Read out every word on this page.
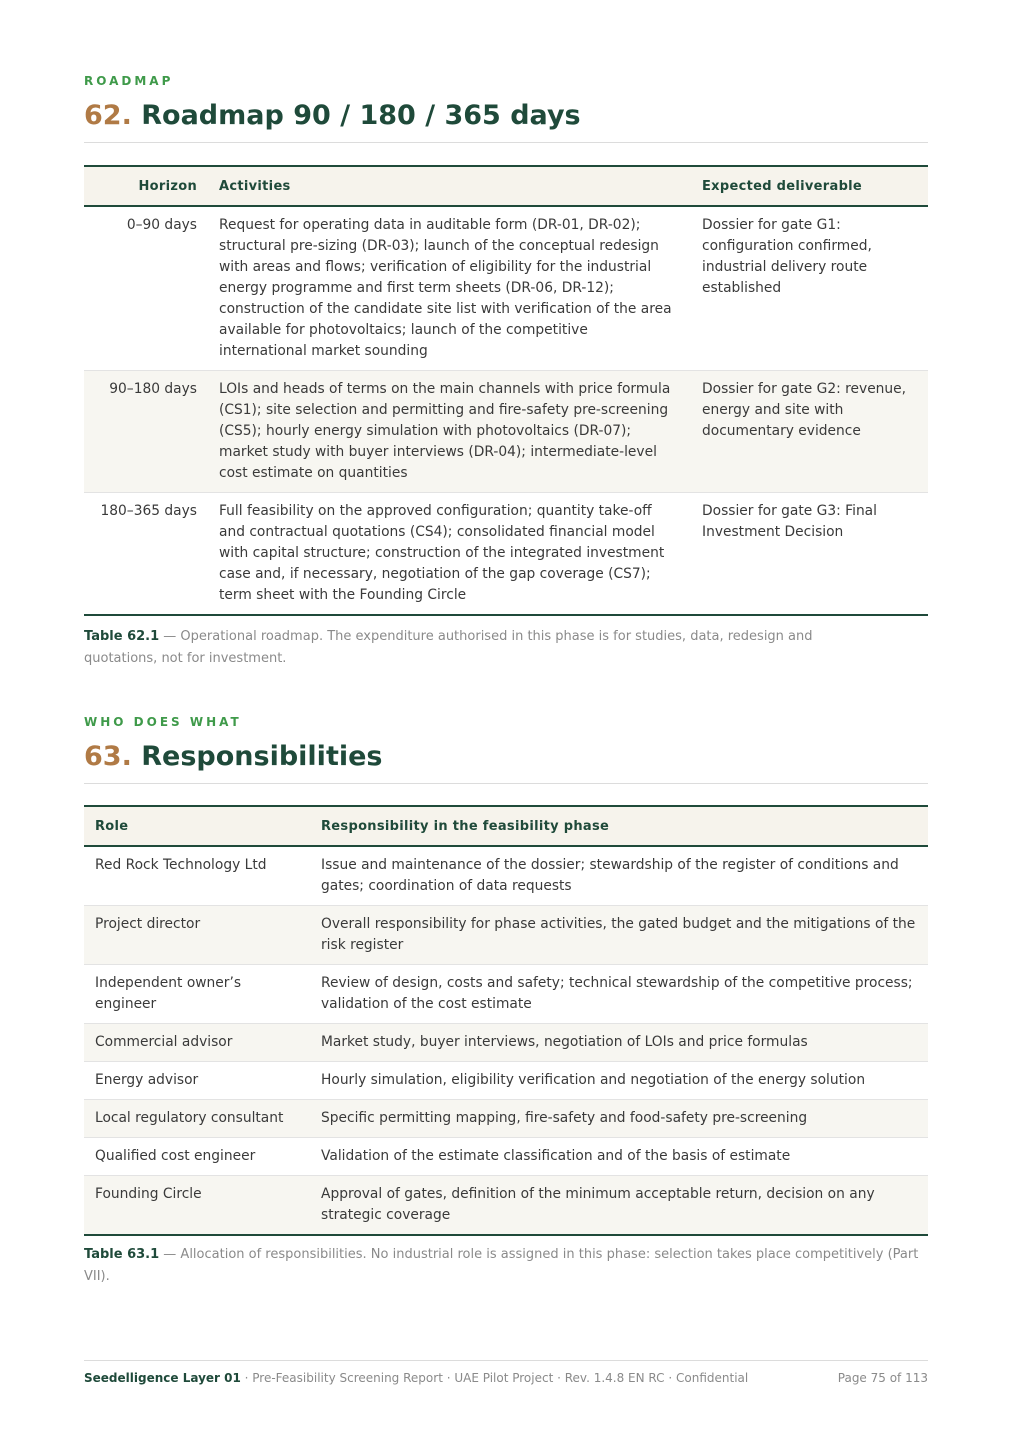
ROADMAP
62. Roadmap 90 / 180 / 365 days
Horizon	Activities	Expected deliverable
0–90 days	Request for operating data in auditable form (DR-01, DR-02); structural pre-sizing (DR-03); launch of the conceptual redesign with areas and flows; verification of eligibility for the industrial energy programme and first term sheets (DR-06, DR-12); construction of the candidate site list with verification of the area available for photovoltaics; launch of the competitive international market sounding	Dossier for gate G1: configuration confirmed, industrial delivery route established
90–180 days	LOIs and heads of terms on the main channels with price formula (CS1); site selection and permitting and fire-safety pre-screening (CS5); hourly energy simulation with photovoltaics (DR-07); market study with buyer interviews (DR-04); intermediate-level cost estimate on quantities	Dossier for gate G2: revenue, energy and site with documentary evidence
180–365 days	Full feasibility on the approved configuration; quantity take-off and contractual quotations (CS4); consolidated financial model with capital structure; construction of the integrated investment case and, if necessary, negotiation of the gap coverage (CS7); term sheet with the Founding Circle	Dossier for gate G3: Final Investment Decision
Table 62.1 — Operational roadmap. The expenditure authorised in this phase is for studies, data, redesign and quotations, not for investment.
WHO DOES WHAT
63. Responsibilities
Role	Responsibility in the feasibility phase
Red Rock Technology Ltd	Issue and maintenance of the dossier; stewardship of the register of conditions and gates; coordination of data requests
Project director	Overall responsibility for phase activities, the gated budget and the mitigations of the risk register
Independent owner’s engineer	Review of design, costs and safety; technical stewardship of the competitive process; validation of the cost estimate
Commercial advisor	Market study, buyer interviews, negotiation of LOIs and price formulas
Energy advisor	Hourly simulation, eligibility verification and negotiation of the energy solution
Local regulatory consultant	Specific permitting mapping, fire-safety and food-safety pre-screening
Qualified cost engineer	Validation of the estimate classification and of the basis of estimate
Founding Circle	Approval of gates, definition of the minimum acceptable return, decision on any strategic coverage
Table 63.1 — Allocation of responsibilities. No industrial role is assigned in this phase: selection takes place competitively (Part VII).
Seedelligence Layer 01 · Pre-Feasibility Screening Report · UAE Pilot Project · Rev. 1.4.8 EN RC · Confidential	Page 75 of 113
